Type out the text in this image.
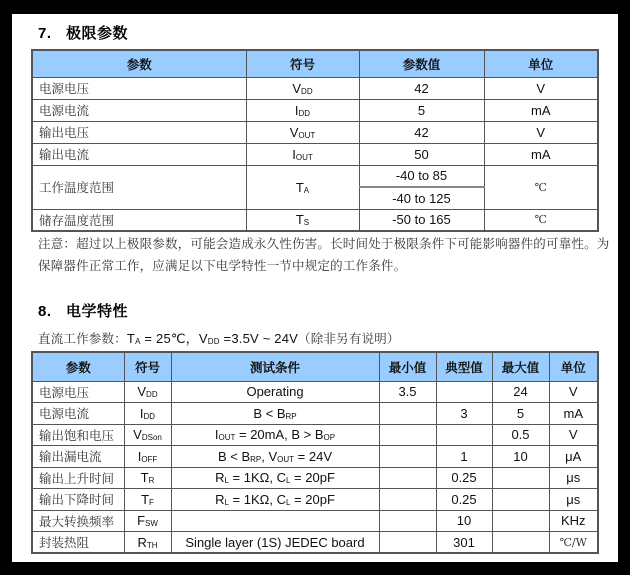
7. 极限参数
参数	符号	参数值	单位
电源电压	$V_{DD}$	42	V
电源电流	$I_{DD}$	5	mA
输出电压	$V_{OUT}$	42	V
输出电流	$I_{OUT}$	50	mA
工作温度范围	$T_A$	-40 to 85	℃
		-40 to 125	
储存温度范围	$T_S$	-50 to 165	℃
注意：超过以上极限参数，可能会造成永久性伤害。长时间处于极限条件下可能影响器件的可靠性。为保障器件正常工作，应满足以下电学特性一节中规定的工作条件。
8. 电学特性
直流工作参数：$T_A$ = 25℃，$V_{DD} =3.5V$ ~ 24V（除非另有说明）
参数	符号	测试条件	最小值	典型值	最大值	单位
电源电压	$V_{DD}$	Operating	3.5		24	V
电源电流	$I_{DD}$	$B < B_{RP}$		3	5	mA
输出饱和电压	$V_{DSon}$	$I_{OUT} = 20mA$, $B > B_{OP}$			0.5	V
输出漏电流	$I_{OFF}$	$B < B_{RP}$, $V_{OUT} = 24V$		1	10	μA
输出上升时间	$T_R$	$R_L = 1K\Omega$, $C_L = 20pF$		0.25		μs
输出下降时间	$T_F$	$R_L = 1K\Omega$, $C_L = 20pF$		0.25		μs
最大转换频率	$F_{SW}$			10		KHz
封装热阻	$R_{TH}$	Single layer (1S) JEDEC board		301		℃/W
